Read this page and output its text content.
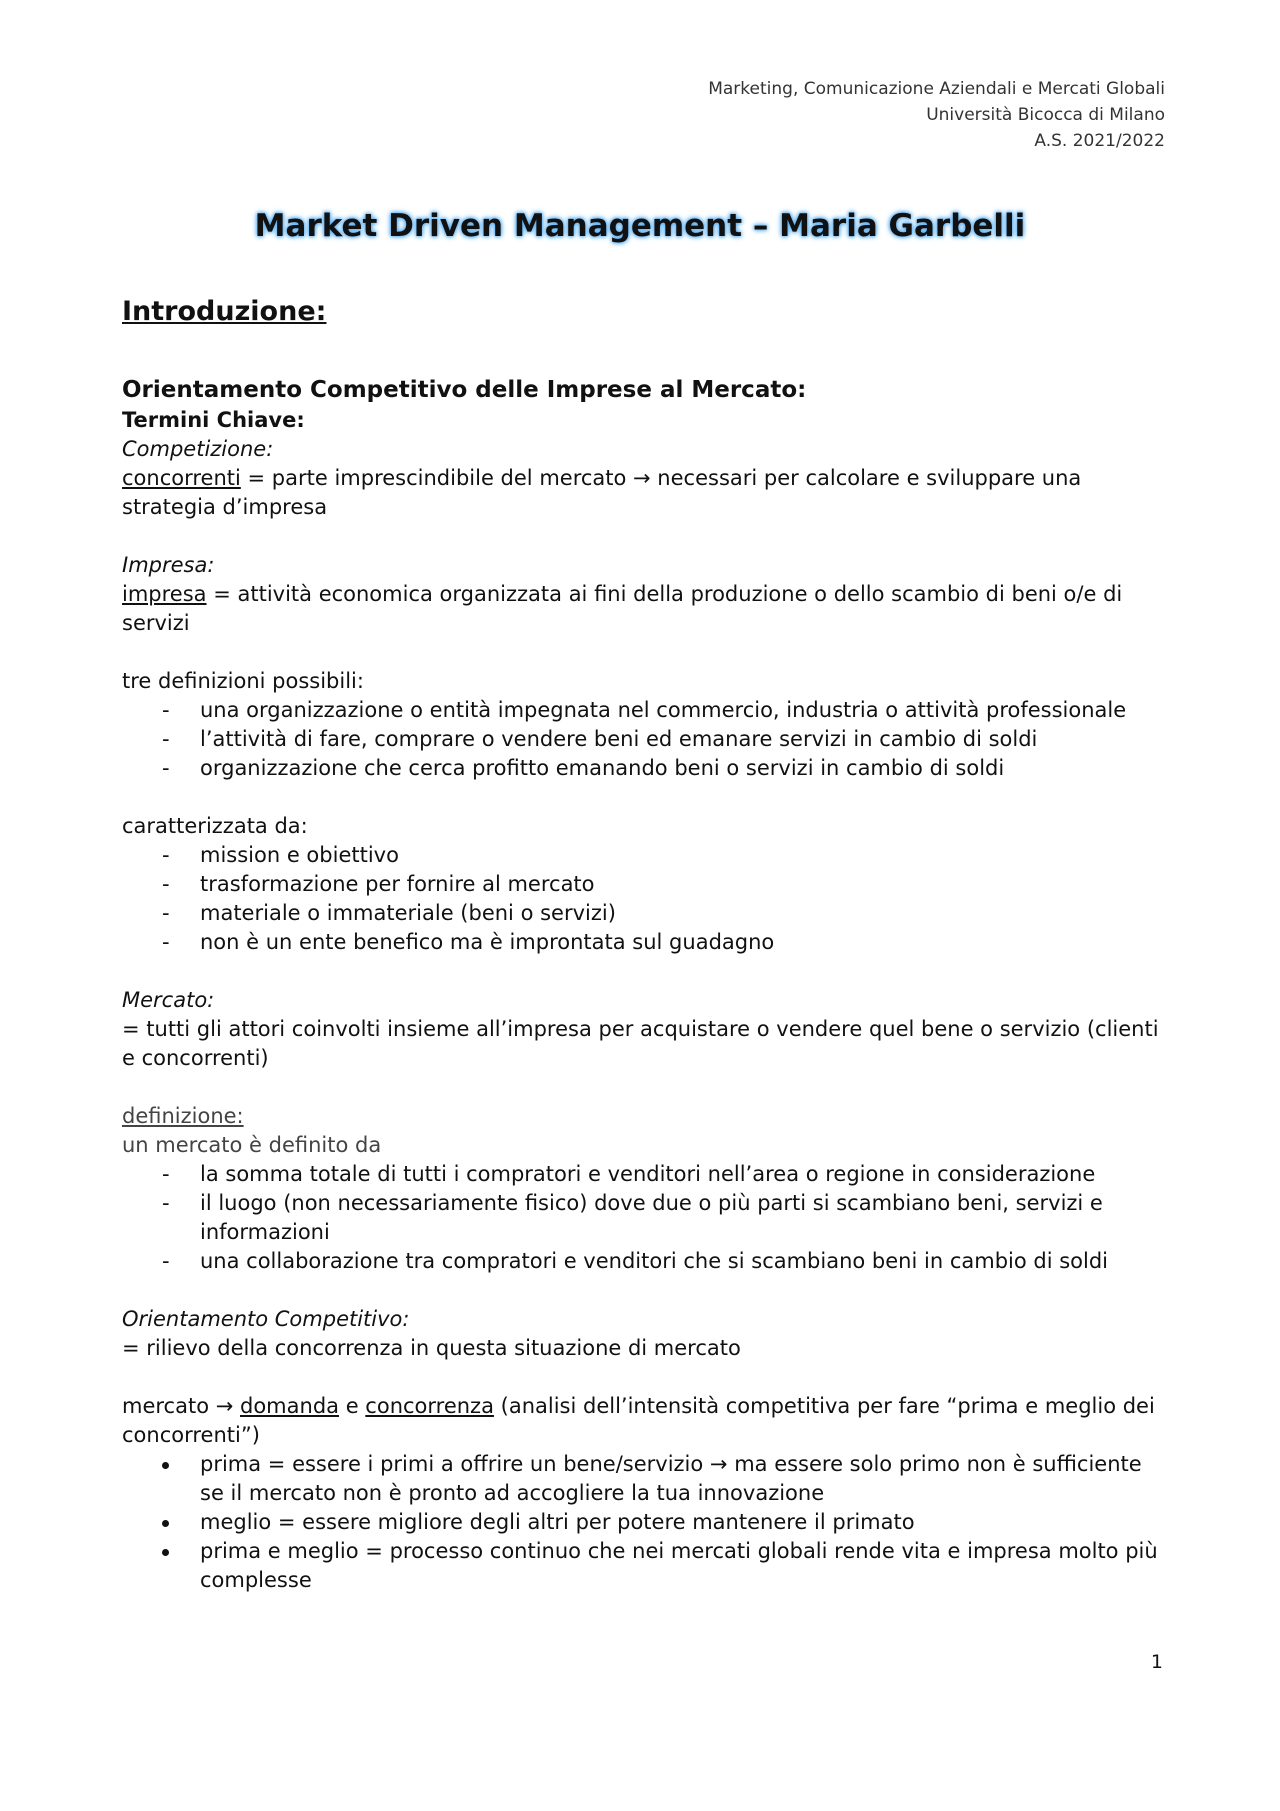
Marketing, Comunicazione Aziendali e Mercati Globali
Università Bicocca di Milano
A.S. 2021/2022
Market Driven Management – Maria Garbelli
Introduzione:
Orientamento Competitivo delle Imprese al Mercato:
Termini Chiave:
Competizione:
concorrenti = parte imprescindibile del mercato → necessari per calcolare e sviluppare una strategia d’impresa
Impresa:
impresa = attività economica organizzata ai fini della produzione o dello scambio di beni o/e di servizi
tre definizioni possibili:
- una organizzazione o entità impegnata nel commercio, industria o attività professionale
- l’attività di fare, comprare o vendere beni ed emanare servizi in cambio di soldi
- organizzazione che cerca profitto emanando beni o servizi in cambio di soldi
caratterizzata da:
- mission e obiettivo
- trasformazione per fornire al mercato
- materiale o immateriale (beni o servizi)
- non è un ente benefico ma è improntata sul guadagno
Mercato:
= tutti gli attori coinvolti insieme all’impresa per acquistare o vendere quel bene o servizio (clienti e concorrenti)
definizione:
un mercato è definito da
- la somma totale di tutti i compratori e venditori nell’area o regione in considerazione
- il luogo (non necessariamente fisico) dove due o più parti si scambiano beni, servizi e informazioni
- una collaborazione tra compratori e venditori che si scambiano beni in cambio di soldi
Orientamento Competitivo:
= rilievo della concorrenza in questa situazione di mercato
mercato → domanda e concorrenza (analisi dell’intensità competitiva per fare “prima e meglio dei concorrenti”)
prima = essere i primi a offrire un bene/servizio → ma essere solo primo non è sufficiente se il mercato non è pronto ad accogliere la tua innovazione
meglio = essere migliore degli altri per potere mantenere il primato
prima e meglio = processo continuo che nei mercati globali rende vita e impresa molto più complesse
1
